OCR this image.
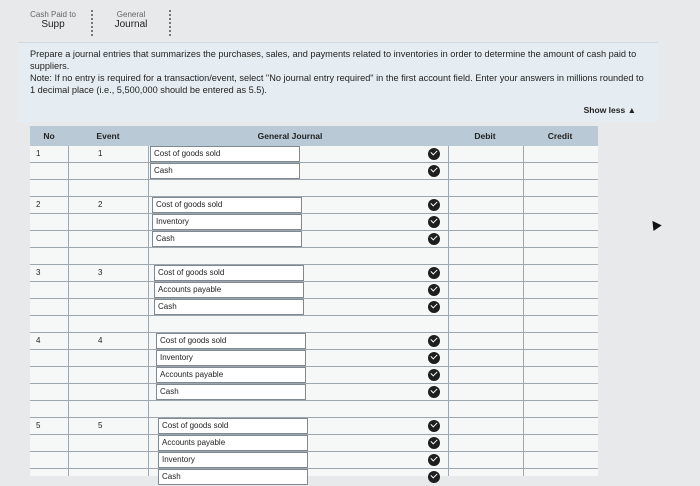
Cash Paid to
Supp
General
Journal

Prepare a journal entries that summarizes the purchases, sales, and payments related to inventories in order to determine the amount of cash paid to suppliers.

Note: If no entry is required for a transaction/event, select "No journal entry required" in the first account field. Enter your answers in millions rounded to 1 decimal place (i.e., 5,500,000 should be entered as 5.5).

Show less ▲
No	Event	General Journal	Debit	Credit
1	1	Cost of goods sold
Cash
2	2	Cost of goods sold
Inventory
Cash
3	3	Cost of goods sold
Accounts payable
Cash
4	4	Cost of goods sold
Inventory
Accounts payable
Cash
5	5	Cost of goods sold
Accounts payable
Inventory
Cash
